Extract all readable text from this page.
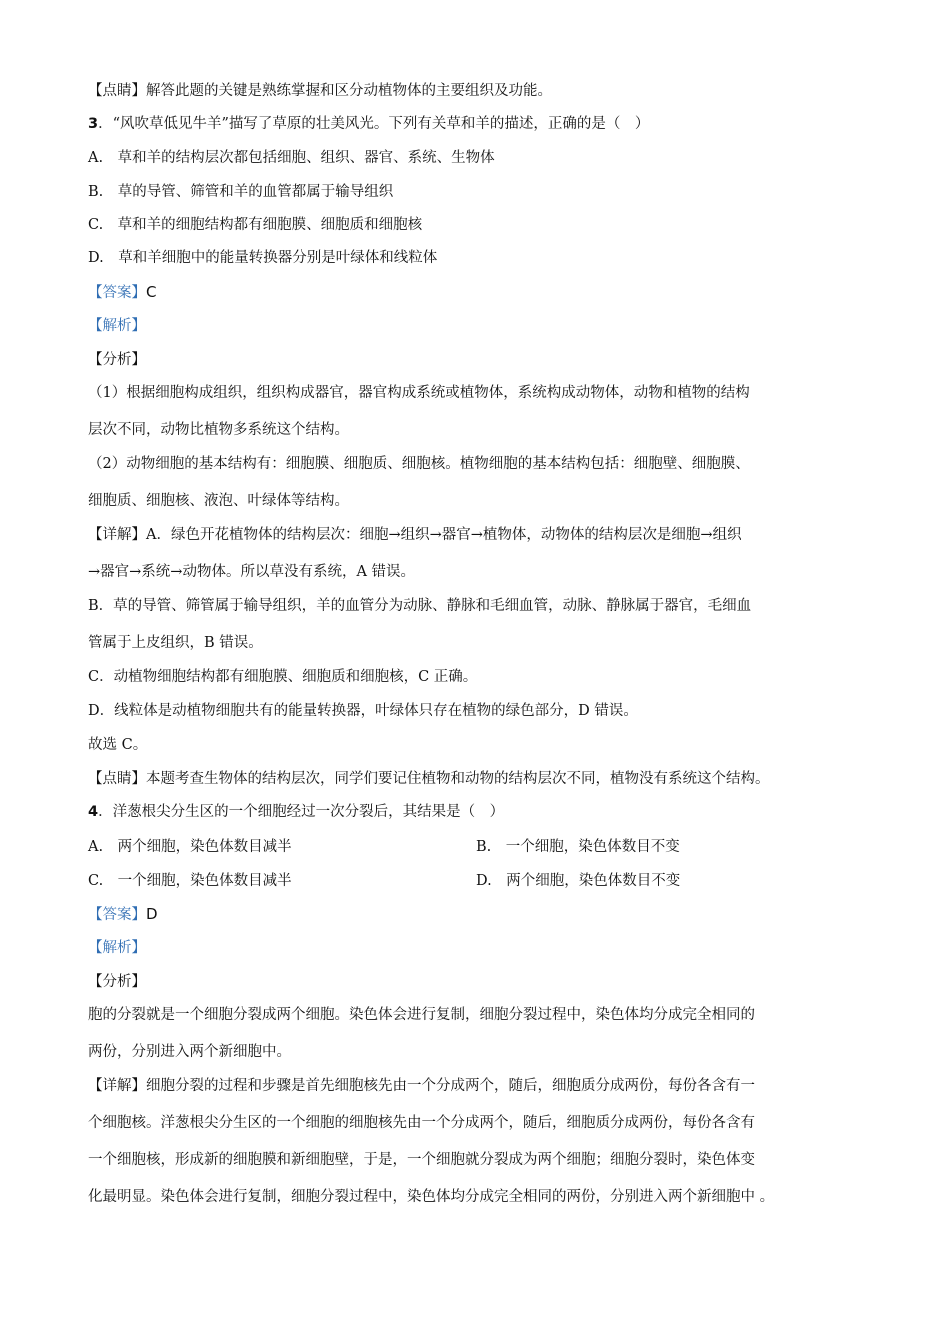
【点睛】解答此题的关键是熟练掌握和区分动植物体的主要组织及功能。
3．“风吹草低见牛羊”描写了草原的壮美风光。下列有关草和羊的描述，正确的是（　）
A.　草和羊的结构层次都包括细胞、组织、器官、系统、生物体
B.　草的导管、筛管和羊的血管都属于输导组织
C.　草和羊的细胞结构都有细胞膜、细胞质和细胞核
D.　草和羊细胞中的能量转换器分别是叶绿体和线粒体
【答案】C
【解析】
【分析】
（1）根据细胞构成组织，组织构成器官，器官构成系统或植物体，系统构成动物体，动物和植物的结构
层次不同，动物比植物多系统这个结构。
（2）动物细胞的基本结构有：细胞膜、细胞质、细胞核。植物细胞的基本结构包括：细胞壁、细胞膜、
细胞质、细胞核、液泡、叶绿体等结构。
【详解】A．绿色开花植物体的结构层次：细胞→组织→器官→植物体，动物体的结构层次是细胞→组织
→器官→系统→动物体。所以草没有系统，A 错误。
B．草的导管、筛管属于输导组织，羊的血管分为动脉、静脉和毛细血管，动脉、静脉属于器官，毛细血
管属于上皮组织，B 错误。
C．动植物细胞结构都有细胞膜、细胞质和细胞核，C 正确。
D．线粒体是动植物细胞共有的能量转换器，叶绿体只存在植物的绿色部分，D 错误。
故选 C。
【点睛】本题考查生物体的结构层次，同学们要记住植物和动物的结构层次不同，植物没有系统这个结构。
4．洋葱根尖分生区的一个细胞经过一次分裂后，其结果是（　）
A.　两个细胞，染色体数目减半	B.　一个细胞，染色体数目不变
C.　一个细胞，染色体数目减半	D.　两个细胞，染色体数目不变
【答案】D
【解析】
【分析】
胞的分裂就是一个细胞分裂成两个细胞。染色体会进行复制，细胞分裂过程中，染色体均分成完全相同的
两份，分别进入两个新细胞中。
【详解】细胞分裂的过程和步骤是首先细胞核先由一个分成两个，随后，细胞质分成两份，每份各含有一
个细胞核。洋葱根尖分生区的一个细胞的细胞核先由一个分成两个，随后，细胞质分成两份，每份各含有
一个细胞核，形成新的细胞膜和新细胞壁，于是，一个细胞就分裂成为两个细胞；细胞分裂时，染色体变
化最明显。染色体会进行复制，细胞分裂过程中，染色体均分成完全相同的两份，分别进入两个新细胞中 。
